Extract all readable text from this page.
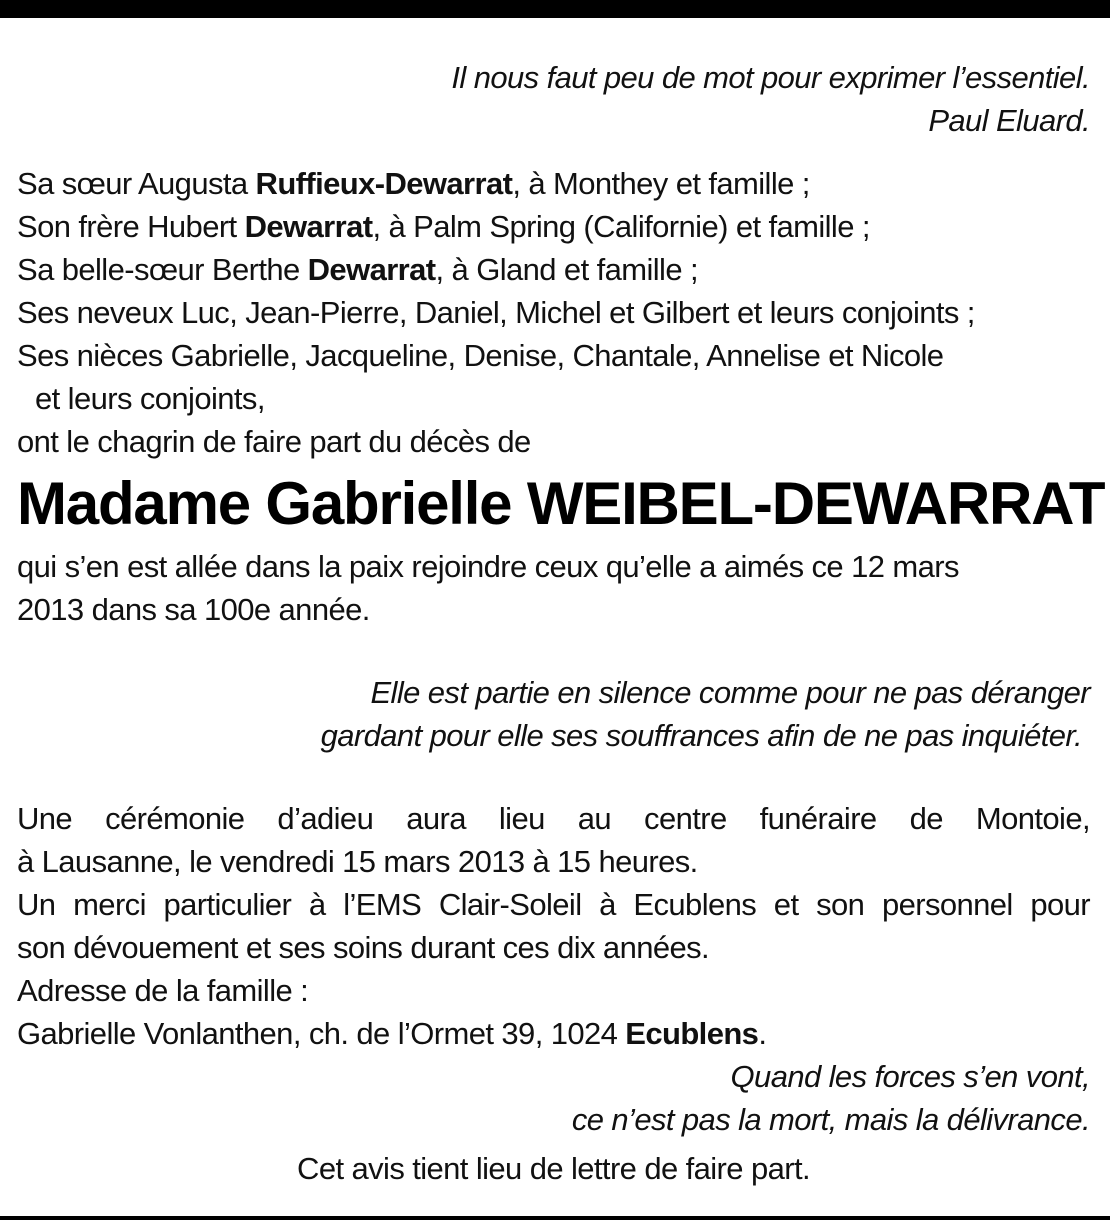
Il nous faut peu de mot pour exprimer l’essentiel.
Paul Eluard.
Sa sœur Augusta Ruffieux-Dewarrat, à Monthey et famille ;
Son frère Hubert Dewarrat, à Palm Spring (Californie) et famille ;
Sa belle-sœur Berthe Dewarrat, à Gland et famille ;
Ses neveux Luc, Jean-Pierre, Daniel, Michel et Gilbert et leurs conjoints ;
Ses nièces Gabrielle, Jacqueline, Denise, Chantale, Annelise et Nicole
et leurs conjoints,
ont le chagrin de faire part du décès de
Madame Gabrielle WEIBEL-DEWARRAT
qui s’en est allée dans la paix rejoindre ceux qu’elle a aimés ce 12 mars
2013 dans sa 100e année.
Elle est partie en silence comme pour ne pas déranger
gardant pour elle ses souffrances afin de ne pas inquiéter.
Une cérémonie d’adieu aura lieu au centre funéraire de Montoie,
à Lausanne, le vendredi 15 mars 2013 à 15 heures.
Un merci particulier à l’EMS Clair-Soleil à Ecublens et son personnel pour
son dévouement et ses soins durant ces dix années.
Adresse de la famille :
Gabrielle Vonlanthen, ch. de l’Ormet 39, 1024 Ecublens.
Quand les forces s’en vont,
ce n’est pas la mort, mais la délivrance.
Cet avis tient lieu de lettre de faire part.
